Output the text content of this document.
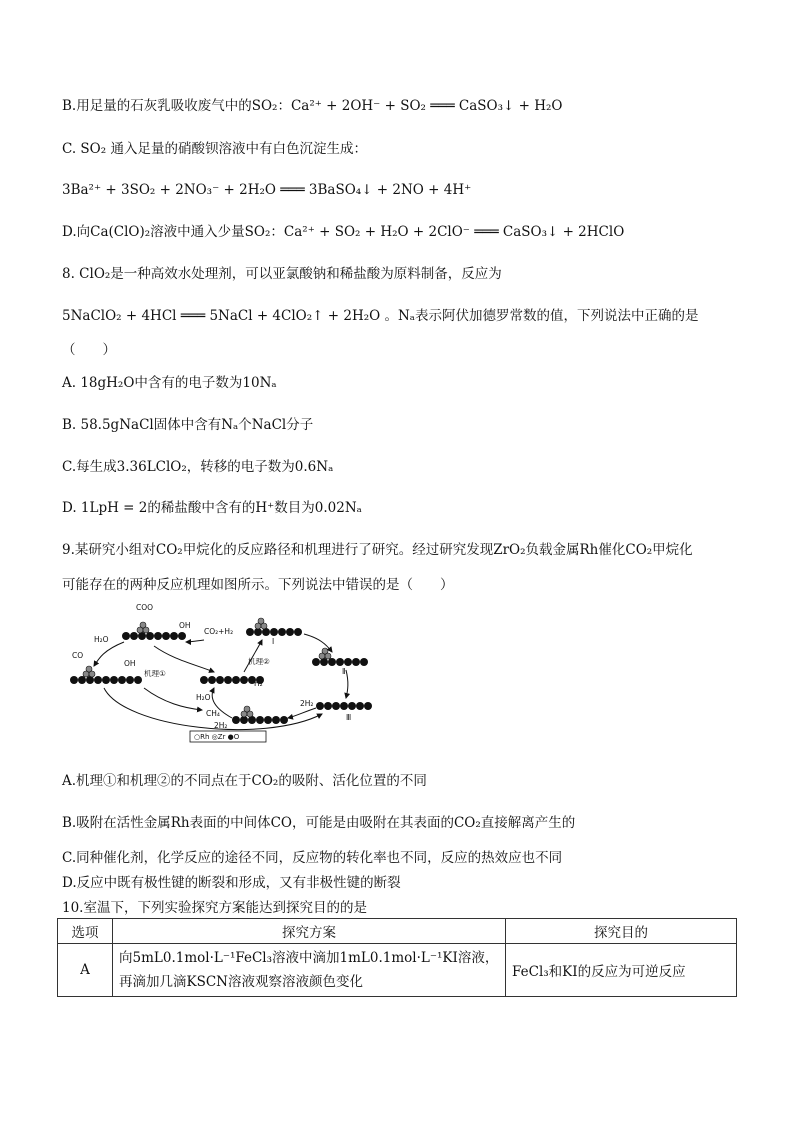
B.用足量的石灰乳吸收废气中的SO₂：Ca²⁺ + 2OH⁻ + SO₂ ═══ CaSO₃↓ + H₂O
C. SO₂ 通入足量的硝酸钡溶液中有白色沉淀生成：
3Ba²⁺ + 3SO₂ + 2NO₃⁻ + 2H₂O ═══ 3BaSO₄↓ + 2NO + 4H⁺
D.向Ca(ClO)₂溶液中通入少量SO₂：Ca²⁺ + SO₂ + H₂O + 2ClO⁻ ═══ CaSO₃↓ + 2HClO
8. ClO₂是一种高效水处理剂，可以亚氯酸钠和稀盐酸为原料制备，反应为
5NaClO₂ + 4HCl ═══ 5NaCl + 4ClO₂↑ + 2H₂O 。Nₐ表示阿伏加德罗常数的值，下列说法中正确的是
（　　）
A. 18gH₂O中含有的电子数为10Nₐ
B. 58.5gNaCl固体中含有Nₐ个NaCl分子
C.每生成3.36LClO₂，转移的电子数为0.6Nₐ
D. 1LpH = 2的稀盐酸中含有的H⁺数目为0.02Nₐ
9.某研究小组对CO₂甲烷化的反应路径和机理进行了研究。经过研究发现ZrO₂负载金属Rh催化CO₂甲烷化
可能存在的两种反应机理如图所示。下列说法中错误的是（　　）
COO
CO
OH
OH
H₂O
H₂O
H₂
CO₂+H₂
CH₄
2H₂
2H₂
I
Ⅱ
Ⅲ
机理①
机理②
○Rh ◎Zr ●O
A.机理①和机理②的不同点在于CO₂的吸附、活化位置的不同
B.吸附在活性金属Rh表面的中间体CO，可能是由吸附在其表面的CO₂直接解离产生的
C.同种催化剂，化学反应的途径不同，反应物的转化率也不同，反应的热效应也不同
D.反应中既有极性键的断裂和形成，又有非极性键的断裂
10.室温下，下列实验探究方案能达到探究目的的是
选项	探究方案	探究目的
A	向5mL0.1mol·L⁻¹FeCl₃溶液中滴加1mL0.1mol·L⁻¹KI溶液，
再滴加几滴KSCN溶液观察溶液颜色变化	FeCl₃和KI的反应为可逆反应
